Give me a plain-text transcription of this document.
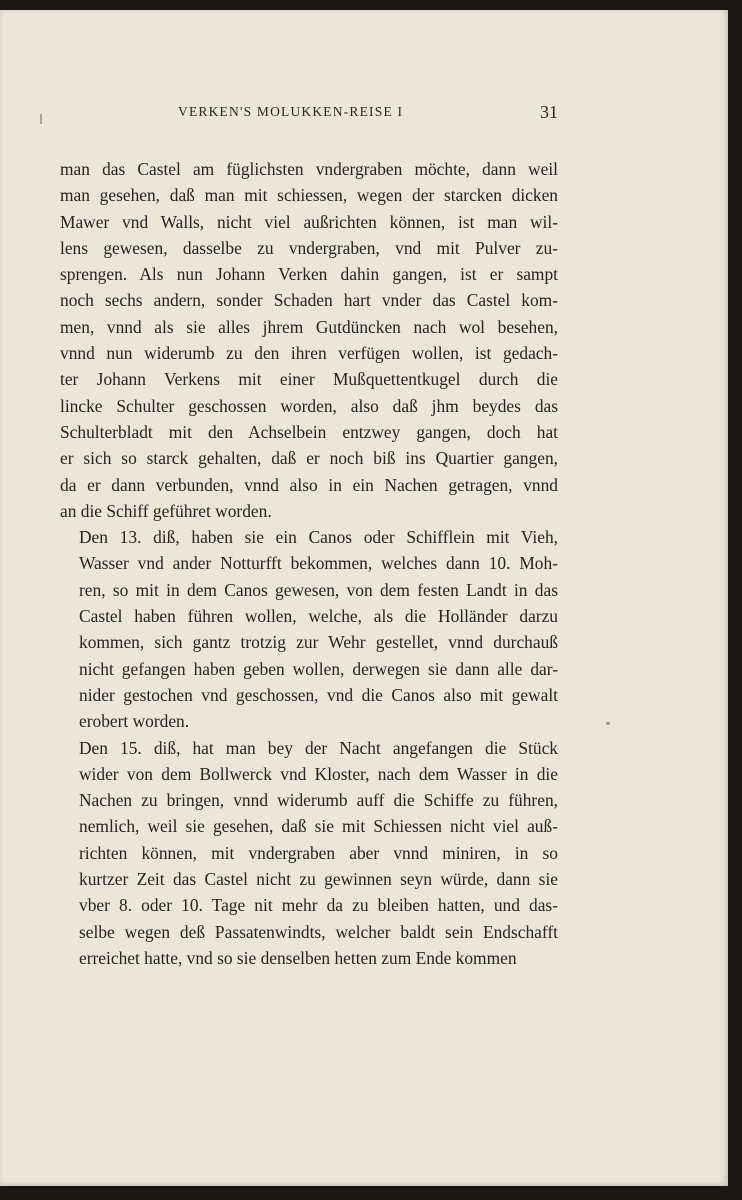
VERKEN'S MOLUKKEN-REISE I	31

man das Castel am füglichsten vndergraben möchte, dann weil
man gesehen, daß man mit schiessen, wegen der starcken dicken
Mawer vnd Walls, nicht viel außrichten können, ist man wil-
lens gewesen, dasselbe zu vndergraben, vnd mit Pulver zu-
sprengen. Als nun Johann Verken dahin gangen, ist er sampt
noch sechs andern, sonder Schaden hart vnder das Castel kom-
men, vnnd als sie alles jhrem Gutdüncken nach wol besehen,
vnnd nun widerumb zu den ihren verfügen wollen, ist gedach-
ter Johann Verkens mit einer Mußquettentkugel durch die
lincke Schulter geschossen worden, also daß jhm beydes das
Schulterbladt mit den Achselbein entzwey gangen, doch hat
er sich so starck gehalten, daß er noch biß ins Quartier gangen,
da er dann verbunden, vnnd also in ein Nachen getragen, vnnd
an die Schiff geführet worden.

Den 13. diß, haben sie ein Canos oder Schifflein mit Vieh,
Wasser vnd ander Notturfft bekommen, welches dann 10. Moh-
ren, so mit in dem Canos gewesen, von dem festen Landt in das
Castel haben führen wollen, welche, als die Holländer darzu
kommen, sich gantz trotzig zur Wehr gestellet, vnnd durchauß
nicht gefangen haben geben wollen, derwegen sie dann alle dar-
nider gestochen vnd geschossen, vnd die Canos also mit gewalt
erobert worden.

Den 15. diß, hat man bey der Nacht angefangen die Stück
wider von dem Bollwerck vnd Kloster, nach dem Wasser in die
Nachen zu bringen, vnnd widerumb auff die Schiffe zu führen,
nemlich, weil sie gesehen, daß sie mit Schiessen nicht viel auß-
richten können, mit vndergraben aber vnnd miniren, in so
kurtzer Zeit das Castel nicht zu gewinnen seyn würde, dann sie
vber 8. oder 10. Tage nit mehr da zu bleiben hatten, und das-
selbe wegen deß Passatenwindts, welcher baldt sein Endschafft
erreichet hatte, vnd so sie denselben hetten zum Ende kommen
